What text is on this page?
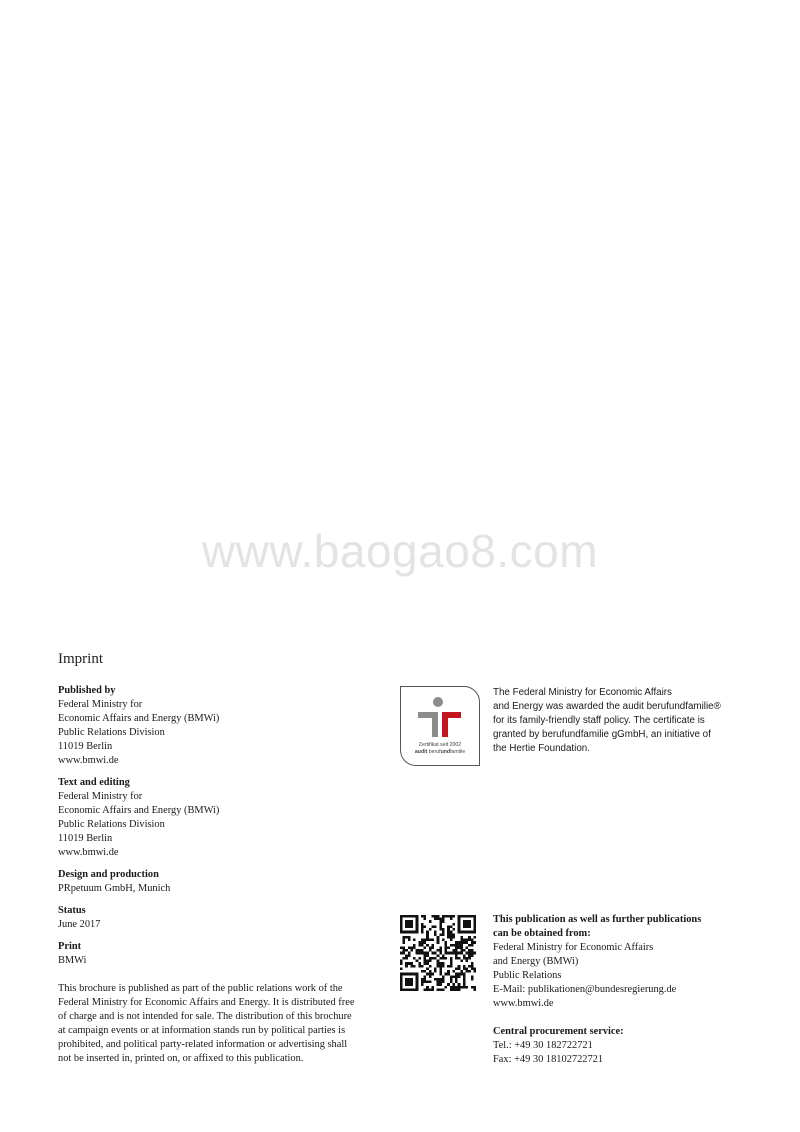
www.baogao8.com
Imprint
Published by
Federal Ministry for
Economic Affairs and Energy (BMWi)
Public Relations Division
11019 Berlin
www.bmwi.de
Text and editing
Federal Ministry for
Economic Affairs and Energy (BMWi)
Public Relations Division
11019 Berlin
www.bmwi.de
Design and production
PRpetuum GmbH, Munich
Status
June 2017
Print
BMWi
This brochure is published as part of the public relations work of the
Federal Ministry for Economic Affairs and Energy. It is distributed free
of charge and is not intended for sale. The distribution of this brochure
at campaign events or at information stands run by political parties is
prohibited, and political party-related information or advertising shall
not be inserted in, printed on, or affixed to this publication.
Zertifikat seit 2002
audit berufundfamilie
The Federal Ministry for Economic Affairs
and Energy was awarded the audit berufundfamilie®
for its family-friendly staff policy. The certificate is
granted by berufundfamilie gGmbH, an initiative of
the Hertie Foundation.
This publication as well as further publications
can be obtained from:
Federal Ministry for Economic Affairs
and Energy (BMWi)
Public Relations
E-Mail: publikationen@bundesregierung.de
www.bmwi.de
Central procurement service:
Tel.: +49 30 182722721
Fax: +49 30 18102722721
